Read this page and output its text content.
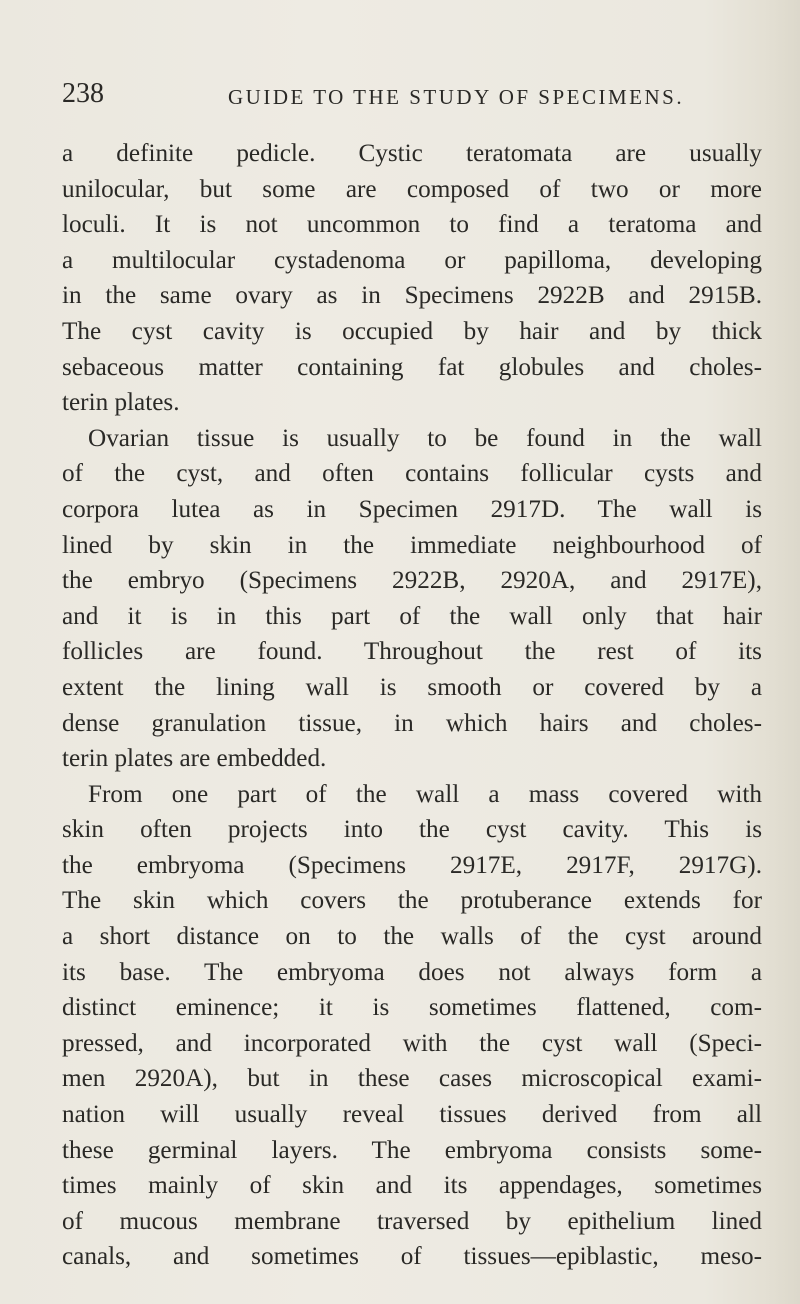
238	GUIDE TO THE STUDY OF SPECIMENS.
a definite pedicle. Cystic teratomata are usually
unilocular, but some are composed of two or more
loculi. It is not uncommon to find a teratoma and
a multilocular cystadenoma or papilloma, developing
in the same ovary as in Specimens 2922B and 2915B.
The cyst cavity is occupied by hair and by thick
sebaceous matter containing fat globules and choles-
terin plates.
Ovarian tissue is usually to be found in the wall
of the cyst, and often contains follicular cysts and
corpora lutea as in Specimen 2917D. The wall is
lined by skin in the immediate neighbourhood of
the embryo (Specimens 2922B, 2920A, and 2917E),
and it is in this part of the wall only that hair
follicles are found. Throughout the rest of its
extent the lining wall is smooth or covered by a
dense granulation tissue, in which hairs and choles-
terin plates are embedded.
From one part of the wall a mass covered with
skin often projects into the cyst cavity. This is
the embryoma (Specimens 2917E, 2917F, 2917G).
The skin which covers the protuberance extends for
a short distance on to the walls of the cyst around
its base. The embryoma does not always form a
distinct eminence; it is sometimes flattened, com-
pressed, and incorporated with the cyst wall (Speci-
men 2920A), but in these cases microscopical exami-
nation will usually reveal tissues derived from all
these germinal layers. The embryoma consists some-
times mainly of skin and its appendages, sometimes
of mucous membrane traversed by epithelium lined
canals, and sometimes of tissues—epiblastic, meso-
